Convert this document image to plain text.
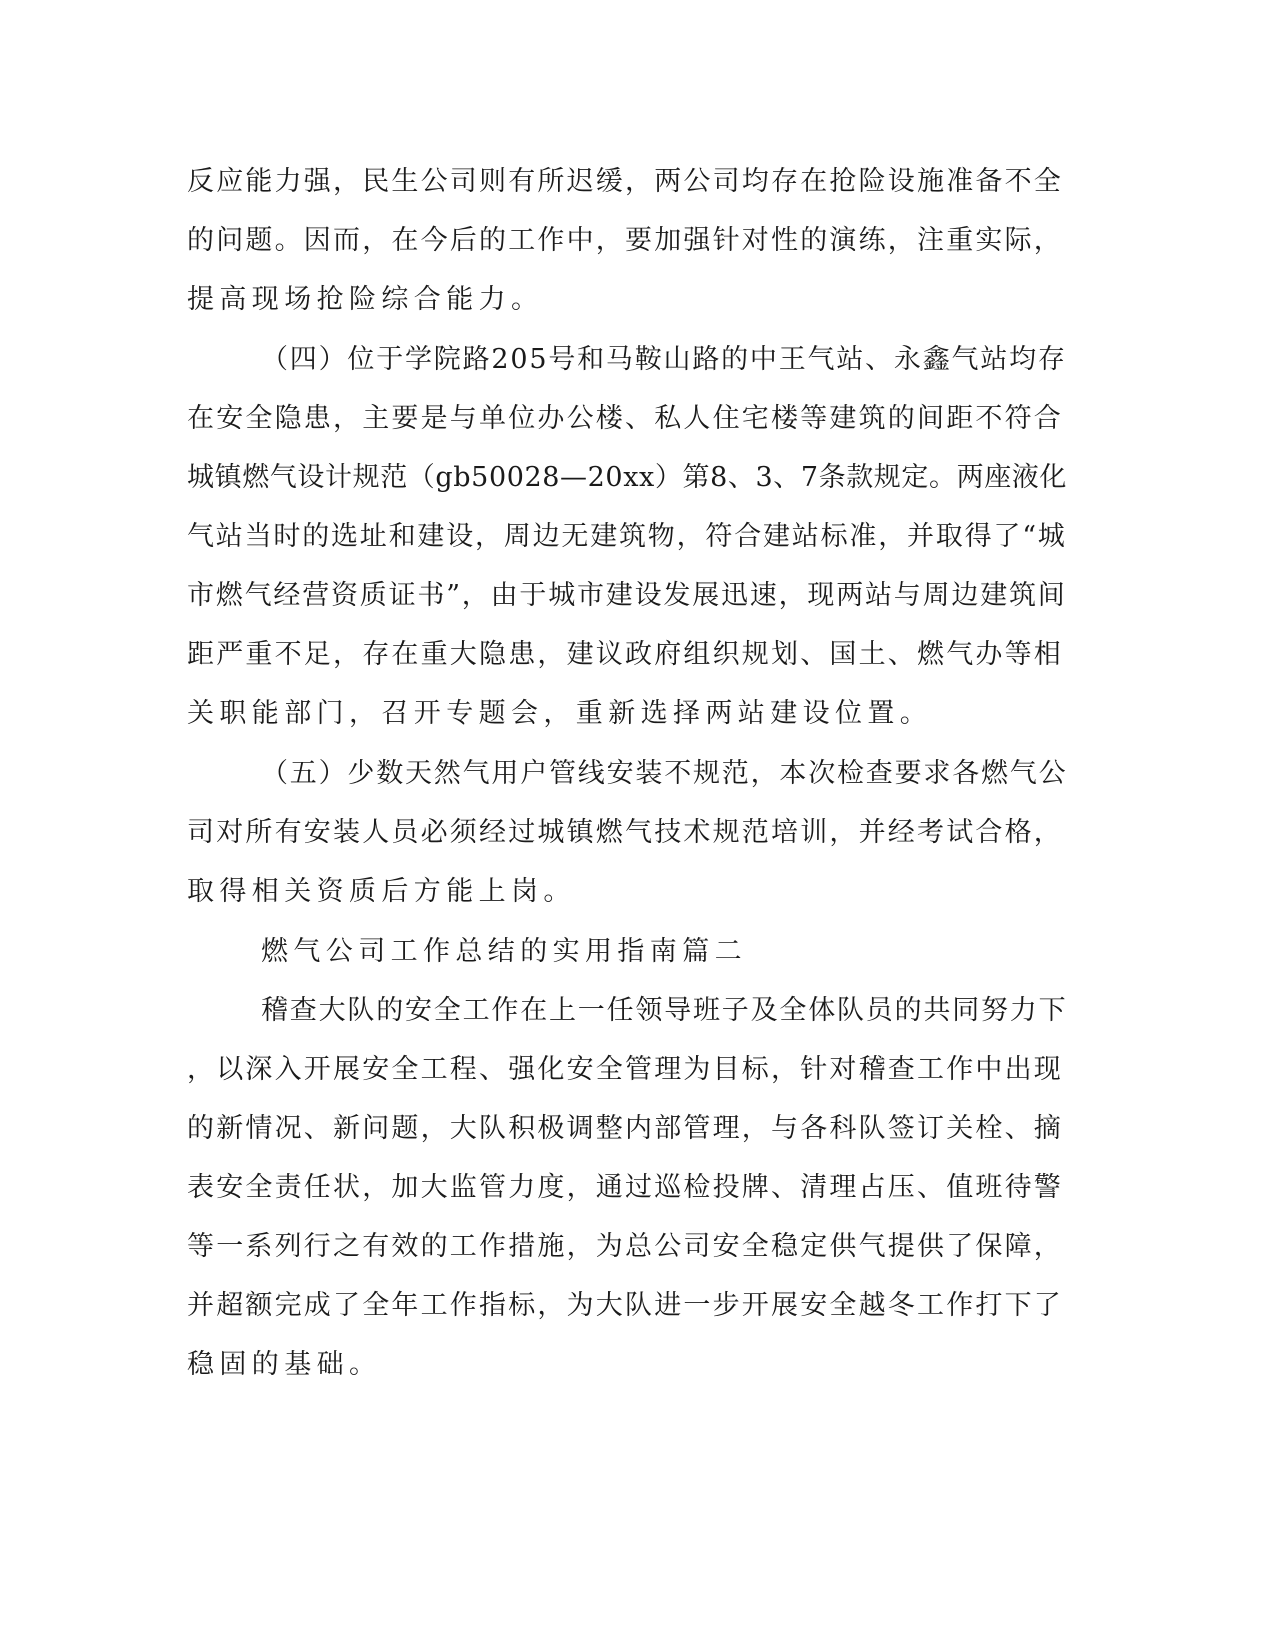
反应能力强，民生公司则有所迟缓，两公司均存在抢险设施准备不全
的问题。因而，在今后的工作中，要加强针对性的演练，注重实际，
提高现场抢险综合能力。
（四）位于学院路205号和马鞍山路的中王气站、永鑫气站均存
在安全隐患，主要是与单位办公楼、私人住宅楼等建筑的间距不符合
城镇燃气设计规范（gb50028—20xx）第8、3、7条款规定。两座液化
气站当时的选址和建设，周边无建筑物，符合建站标准，并取得了“城
市燃气经营资质证书”，由于城市建设发展迅速，现两站与周边建筑间
距严重不足，存在重大隐患，建议政府组织规划、国土、燃气办等相
关职能部门，召开专题会，重新选择两站建设位置。
（五）少数天然气用户管线安装不规范，本次检查要求各燃气公
司对所有安装人员必须经过城镇燃气技术规范培训，并经考试合格，
取得相关资质后方能上岗。
燃气公司工作总结的实用指南篇二
稽查大队的安全工作在上一任领导班子及全体队员的共同努力下
，以深入开展安全工程、强化安全管理为目标，针对稽查工作中出现
的新情况、新问题，大队积极调整内部管理，与各科队签订关栓、摘
表安全责任状，加大监管力度，通过巡检投牌、清理占压、值班待警
等一系列行之有效的工作措施，为总公司安全稳定供气提供了保障，
并超额完成了全年工作指标，为大队进一步开展安全越冬工作打下了
稳固的基础。
